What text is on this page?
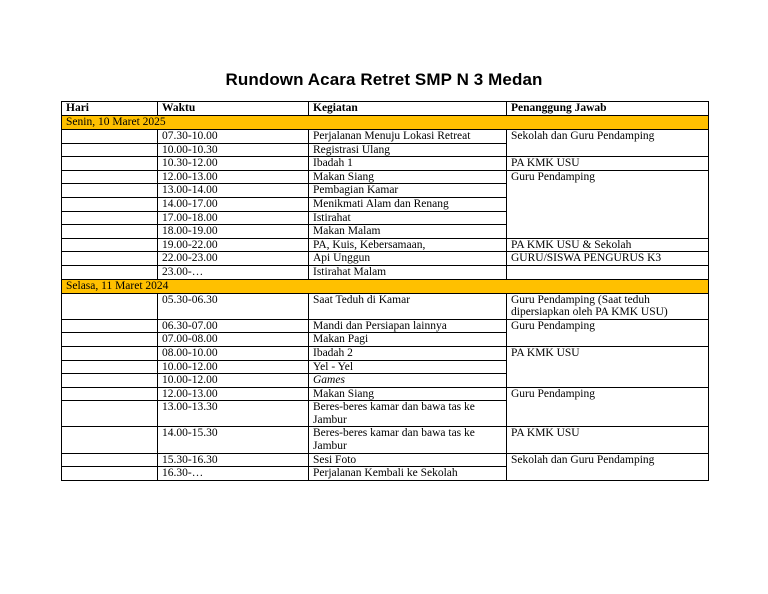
Rundown Acara Retret SMP N 3 Medan
Hari	Waktu	Kegiatan	Penanggung Jawab
Senin, 10 Maret 2025			
	07.30-10.00	Perjalanan Menuju Lokasi Retreat	Sekolah dan Guru Pendamping
	10.00-10.30	Registrasi Ulang	
	10.30-12.00	Ibadah 1	PA KMK USU
	12.00-13.00	Makan Siang	Guru Pendamping
	13.00-14.00	Pembagian Kamar	
	14.00-17.00	Menikmati Alam dan Renang	
	17.00-18.00	Istirahat	
	18.00-19.00	Makan Malam	
	19.00-22.00	PA, Kuis, Kebersamaan,	PA KMK USU & Sekolah
	22.00-23.00	Api Unggun	GURU/SISWA PENGURUS K3
	23.00-…	Istirahat Malam	
Selasa, 11 Maret 2024			
	05.30-06.30	Saat Teduh di Kamar	Guru Pendamping (Saat teduh dipersiapkan oleh PA KMK USU)
	06.30-07.00	Mandi dan Persiapan lainnya	Guru Pendamping
	07.00-08.00	Makan Pagi	
	08.00-10.00	Ibadah 2	PA KMK USU
	10.00-12.00	Yel - Yel	
	10.00-12.00	Games	
	12.00-13.00	Makan Siang	Guru Pendamping
	13.00-13.30	Beres-beres kamar dan bawa tas ke Jambur	
	14.00-15.30	Beres-beres kamar dan bawa tas ke Jambur	PA KMK USU
	15.30-16.30	Sesi Foto	Sekolah dan Guru Pendamping
	16.30-…	Perjalanan Kembali ke Sekolah	
